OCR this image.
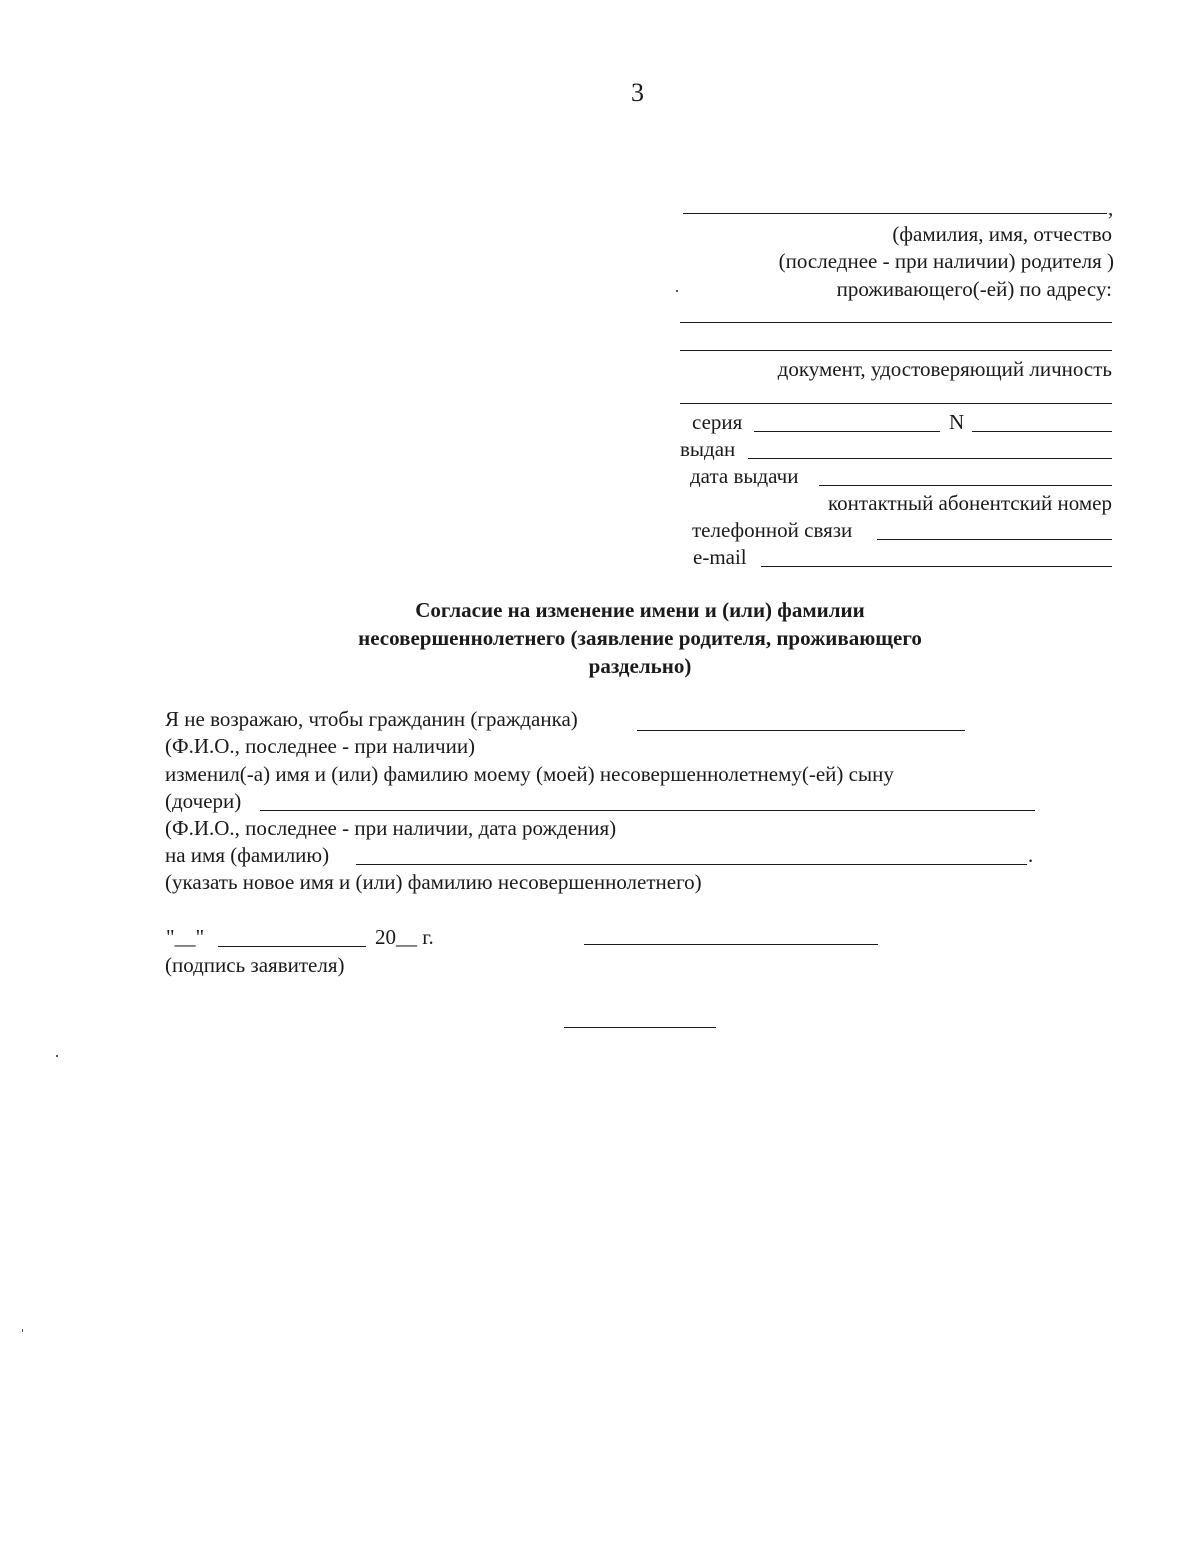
3
,
(фамилия, имя, отчество
(последнее - при наличии) родителя )
проживающего(-ей) по адресу:
документ, удостоверяющий личность
серия	N
выдан
дата выдачи
контактный абонентский номер
телефонной связи
e-mail
Согласие на изменение имени и (или) фамилии
несовершеннолетнего (заявление родителя, проживающего
раздельно)
Я не возражаю, чтобы гражданин (гражданка)
(Ф.И.О., последнее - при наличии)
изменил(-а) имя и (или) фамилию моему (моей) несовершеннолетнему(-ей) сыну
(дочери)
(Ф.И.О., последнее - при наличии, дата рождения)
на имя (фамилию)	.
(указать новое имя и (или) фамилию несовершеннолетнего)
"__"	20__ г.
(подпись заявителя)
